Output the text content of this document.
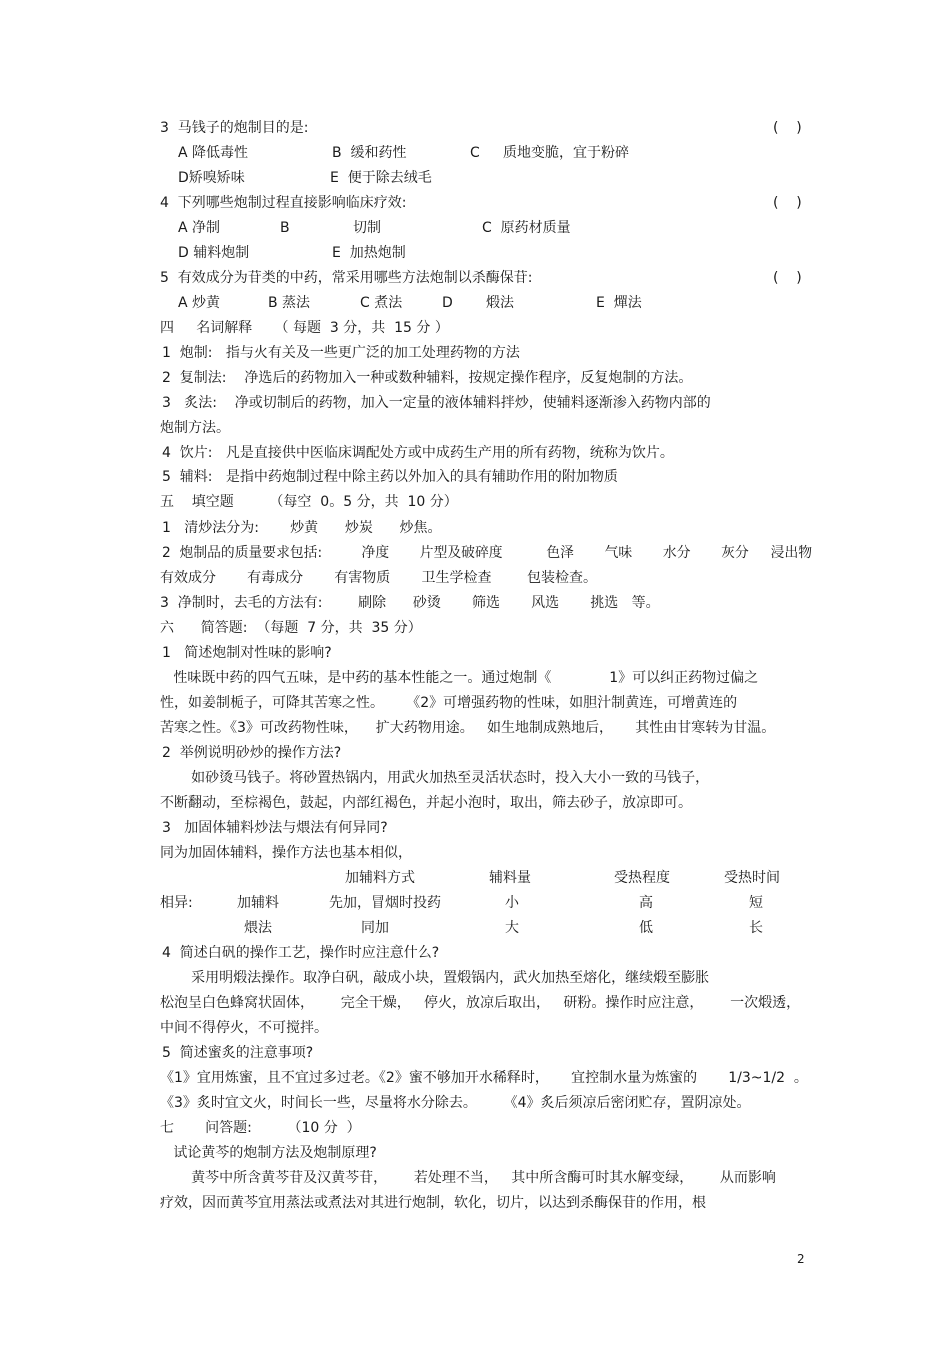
3  马钱子的炮制目的是:	(    )
A 降低毒性	B  缓和药性	C 质地变脆，宜于粉碎
D矫嗅矫味	E  便于除去绒毛
4  下列哪些炮制过程直接影响临床疗效:	(    )
A 净制	B	切制	C  原药材质量
D 辅料炮制	E  加热炮制
5  有效成分为苷类的中药，常采用哪些方法炮制以杀酶保苷:	(    )
A 炒黄	B 蒸法	C 煮法	D 煅法	E  燀法
四     名词解释     （ 每题  3 分，共  15 分 ）
1  炮制:   指与火有关及一些更广泛的加工处理药物的方法
2  复制法:    净选后的药物加入一种或数种辅料，按规定操作程序，反复炮制的方法。
3   炙法:    净或切制后的药物，加入一定量的液体辅料拌炒，使辅料逐渐渗入药物内部的
炮制方法。
4  饮片:   凡是直接供中医临床调配处方或中成药生产用的所有药物，统称为饮片。
5  辅料:   是指中药炮制过程中除主药以外加入的具有辅助作用的附加物质
五    填空题        （每空  0。5 分，共  10 分）
1   清炒法分为:       炒黄      炒炭      炒焦。
2  炮制品的质量要求包括:         净度       片型及破碎度          色泽       气味       水分       灰分     浸出物
有效成分       有毒成分       有害物质       卫生学检查        包装检查。
3  净制时，去毛的方法有:        刷除      砂烫       筛选       风选       挑选   等。
六      简答题:  （每题  7 分，共  35 分）
1   简述炮制对性味的影响?
性味既中药的四气五味，是中药的基本性能之一。通过炮制《             1》可以纠正药物过偏之
性，如姜制栀子，可降其苦寒之性。     《2》可增强药物的性味，如胆汁制黄连，可增黄连的
苦寒之性。《3》可改药物性味，    扩大药物用途。   如生地制成熟地后，     其性由甘寒转为甘温。
2  举例说明砂炒的操作方法?
如砂烫马钱子。将砂置热锅内，用武火加热至灵活状态时，投入大小一致的马钱子，
不断翻动，至棕褐色，鼓起，内部红褐色，并起小泡时，取出，筛去砂子，放凉即可。
3   加固体辅料炒法与煨法有何异同?
同为加固体辅料，操作方法也基本相似，
加辅料方式	辅料量	受热程度	受热时间
相异:	加辅料	先加，冒烟时投药	小	高	短
煨法	同加	大	低	长
4  简述白矾的操作工艺，操作时应注意什么?
采用明煅法操作。取净白矾，敲成小块，置煅锅内，武火加热至熔化，继续煅至膨胀
松泡呈白色蜂窝状固体，      完全干燥，   停火，放凉后取出，   研粉。操作时应注意，      一次煅透，
中间不得停火，不可搅拌。
5  简述蜜炙的注意事项?
《1》宜用炼蜜，且不宜过多过老。《2》蜜不够加开水稀释时，     宜控制水量为炼蜜的       1/3~1/2  。
《3》炙时宜文火，时间长一些，尽量将水分除去。      《4》炙后须凉后密闭贮存，置阴凉处。
七       问答题:        （10 分  ）
试论黄芩的炮制方法及炮制原理?
黄芩中所含黄芩苷及汉黄芩苷，      若处理不当，   其中所含酶可时其水解变绿，      从而影响
疗效，因而黄芩宜用蒸法或煮法对其进行炮制，软化，切片，以达到杀酶保苷的作用，根
2
